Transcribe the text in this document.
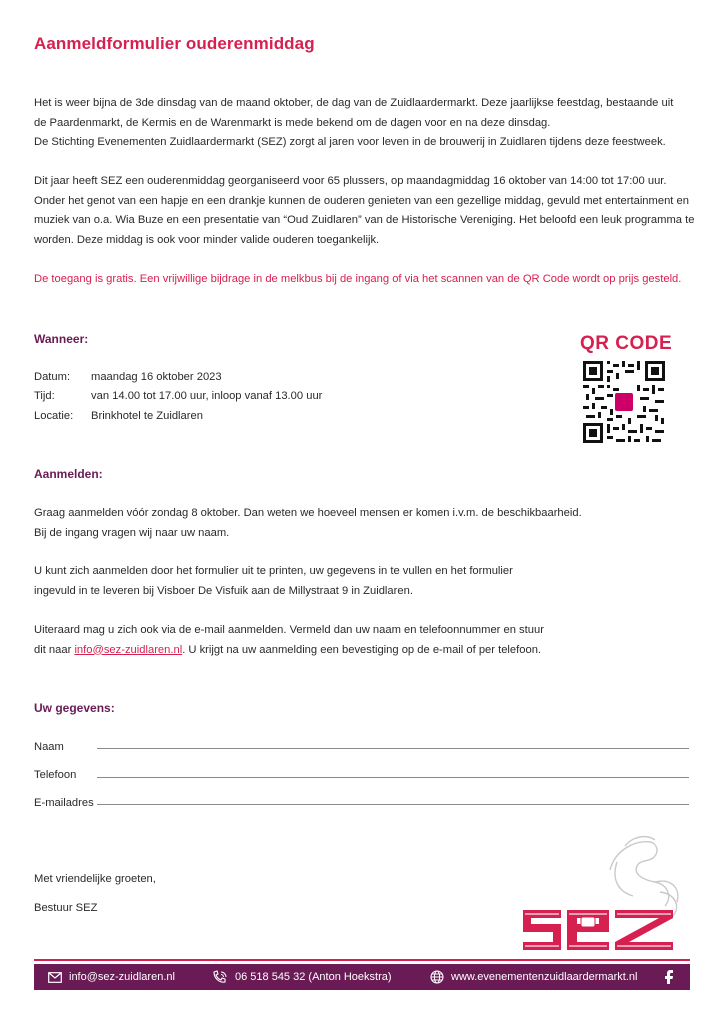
Aanmeldformulier ouderenmiddag
Het is weer bijna de 3de dinsdag van de maand oktober, de dag van de Zuidlaardermarkt. Deze jaarlijkse feestdag, bestaande uit
de Paardenmarkt, de Kermis en de Warenmarkt is mede bekend om de dagen voor en na deze dinsdag.
De Stichting Evenementen Zuidlaardermarkt (SEZ) zorgt al jaren voor leven in de brouwerij in Zuidlaren tijdens deze feestweek.
Dit jaar heeft SEZ een ouderenmiddag georganiseerd voor 65 plussers, op maandagmiddag 16 oktober van 14:00 tot 17:00 uur.
Onder het genot van een hapje en een drankje kunnen de ouderen genieten van een gezellige middag, gevuld met entertainment en
muziek van o.a. Wia Buze en een presentatie van “Oud Zuidlaren” van de Historische Vereniging. Het beloofd een leuk programma te
worden. Deze middag is ook voor minder valide ouderen toegankelijk.
De toegang is gratis. Een vrijwillige bijdrage in de melkbus bij de ingang of via het scannen van de QR Code wordt op prijs gesteld.
Wanneer:
Datum: maandag 16 oktober 2023
Tijd:	van 14.00 tot 17.00 uur, inloop vanaf 13.00 uur
Locatie: Brinkhotel te Zuidlaren
QR CODE
Aanmelden:
Graag aanmelden vóór zondag 8 oktober. Dan weten we hoeveel mensen er komen i.v.m. de beschikbaarheid.
Bij de ingang vragen wij naar uw naam.
U kunt zich aanmelden door het formulier uit te printen, uw gegevens in te vullen en het formulier
ingevuld in te leveren bij Visboer De Visfuik aan de Millystraat 9 in Zuidlaren.
Uiteraard mag u zich ook via de e-mail aanmelden. Vermeld dan uw naam en telefoonnummer en stuur
dit naar info@sez-zuidlaren.nl. U krijgt na uw aanmelding een bevestiging op de e-mail of per telefoon.
Uw gegevens:
Naam
Telefoon
E-mailadres
Met vriendelijke groeten,
Bestuur SEZ
info@sez-zuidlaren.nl	06 518 545 32 (Anton Hoekstra)	www.evenementenzuidlaardermarkt.nl
